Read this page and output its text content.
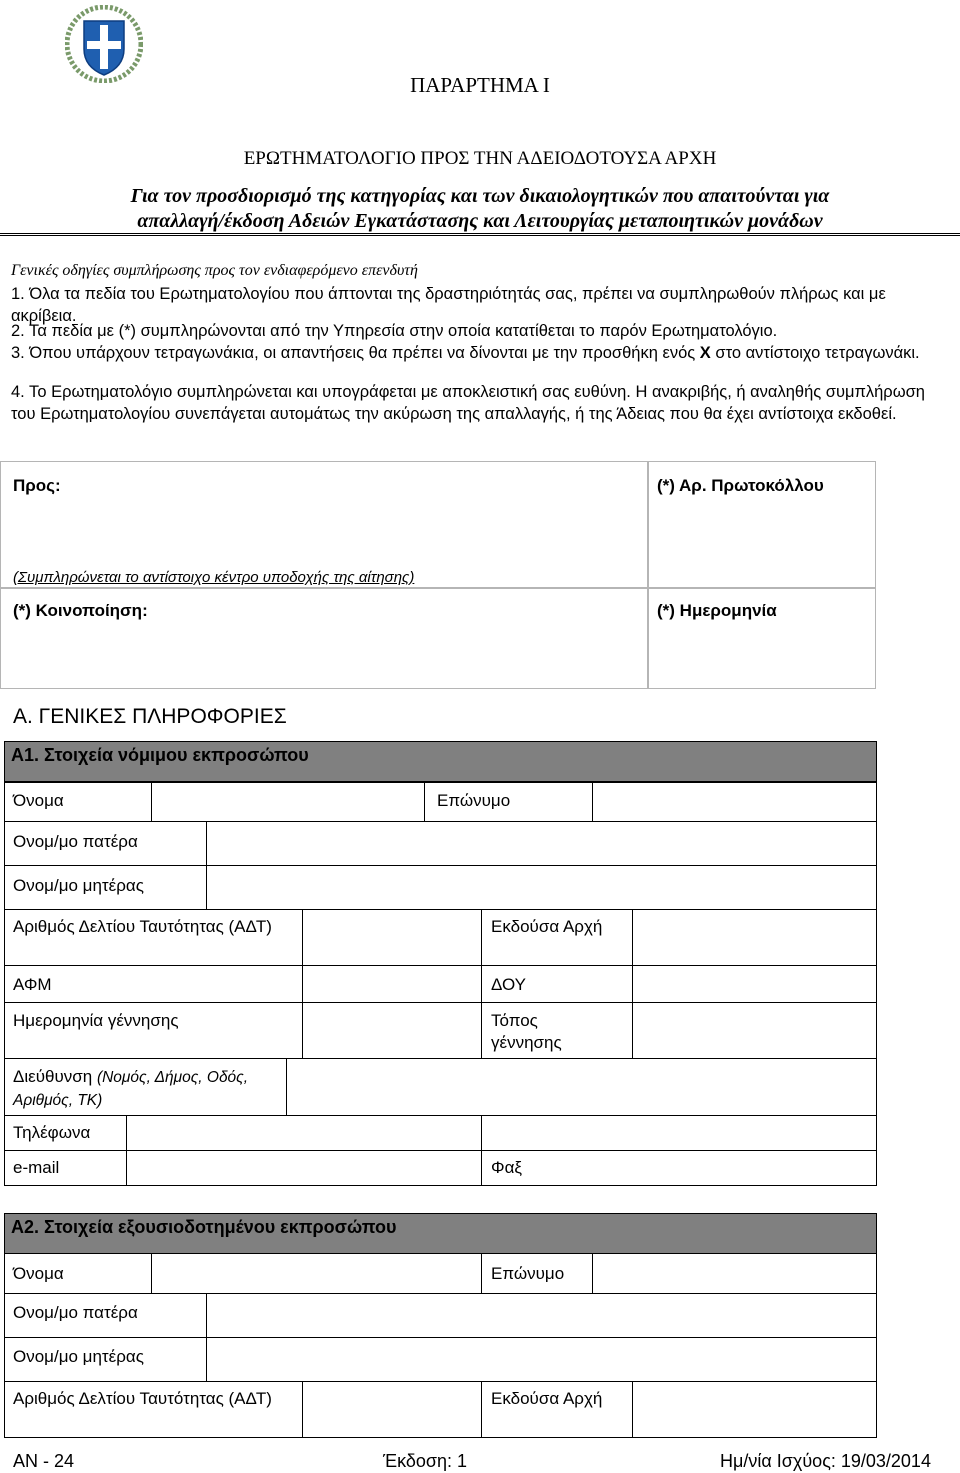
ΠΑΡΑΡΤΗΜΑ Ι
ΕΡΩΤΗΜΑΤΟΛΟΓΙΟ ΠΡΟΣ ΤΗΝ ΑΔΕΙΟΔΟΤΟΥΣΑ ΑΡΧΗ
Για τον προσδιορισμό της κατηγορίας και των δικαιολογητικών που απαιτούνται για
απαλλαγή/έκδοση Αδειών Εγκατάστασης και Λειτουργίας μεταποιητικών μονάδων
Γενικές οδηγίες συμπλήρωσης προς τον ενδιαφερόμενο επενδυτή
1. Όλα τα πεδία του Ερωτηματολογίου που άπτονται της δραστηριότητάς σας, πρέπει να συμπληρωθούν πλήρως και με ακρίβεια.
2. Τα πεδία με (*) συμπληρώνονται από την Υπηρεσία στην οποία κατατίθεται το παρόν Ερωτηματολόγιο.
3. Όπου υπάρχουν τετραγωνάκια, οι απαντήσεις θα πρέπει να δίνονται με την προσθήκη ενός X στο αντίστοιχο τετραγωνάκι.
4. Το Ερωτηματολόγιο συμπληρώνεται και υπογράφεται με αποκλειστική σας ευθύνη. Η ανακριβής, ή αναληθής συμπλήρωση του Ερωτηματολογίου συνεπάγεται αυτομάτως την ακύρωση της απαλλαγής, ή της Άδειας που θα έχει αντίστοιχα εκδοθεί.
Προς:	(*) Αρ. Πρωτοκόλλου
(Συμπληρώνεται το αντίστοιχο κέντρο υποδοχής της αίτησης)
(*) Κοινοποίηση:	(*) Ημερομηνία
Α. ΓΕΝΙΚΕΣ ΠΛΗΡΟΦΟΡΙΕΣ
Α1. Στοιχεία νόμιμου εκπροσώπου
Όνομα	Επώνυμο
Ονομ/μο πατέρα
Ονομ/μο μητέρας
Αριθμός Δελτίου Ταυτότητας (ΑΔΤ)	Εκδούσα Αρχή
ΑΦΜ	ΔΟΥ
Ημερομηνία γέννησης	Τόπος γέννησης
Διεύθυνση (Νομός, Δήμος, Οδός, Αριθμός, ΤΚ)
Τηλέφωνα
e-mail	Φαξ
Α2. Στοιχεία εξουσιοδοτημένου εκπροσώπου
Όνομα	Επώνυμο
Ονομ/μο πατέρα
Ονομ/μο μητέρας
Αριθμός Δελτίου Ταυτότητας (ΑΔΤ)	Εκδούσα Αρχή
ΑΝ - 24	Έκδοση: 1	Ημ/νία Ισχύος: 19/03/2014
